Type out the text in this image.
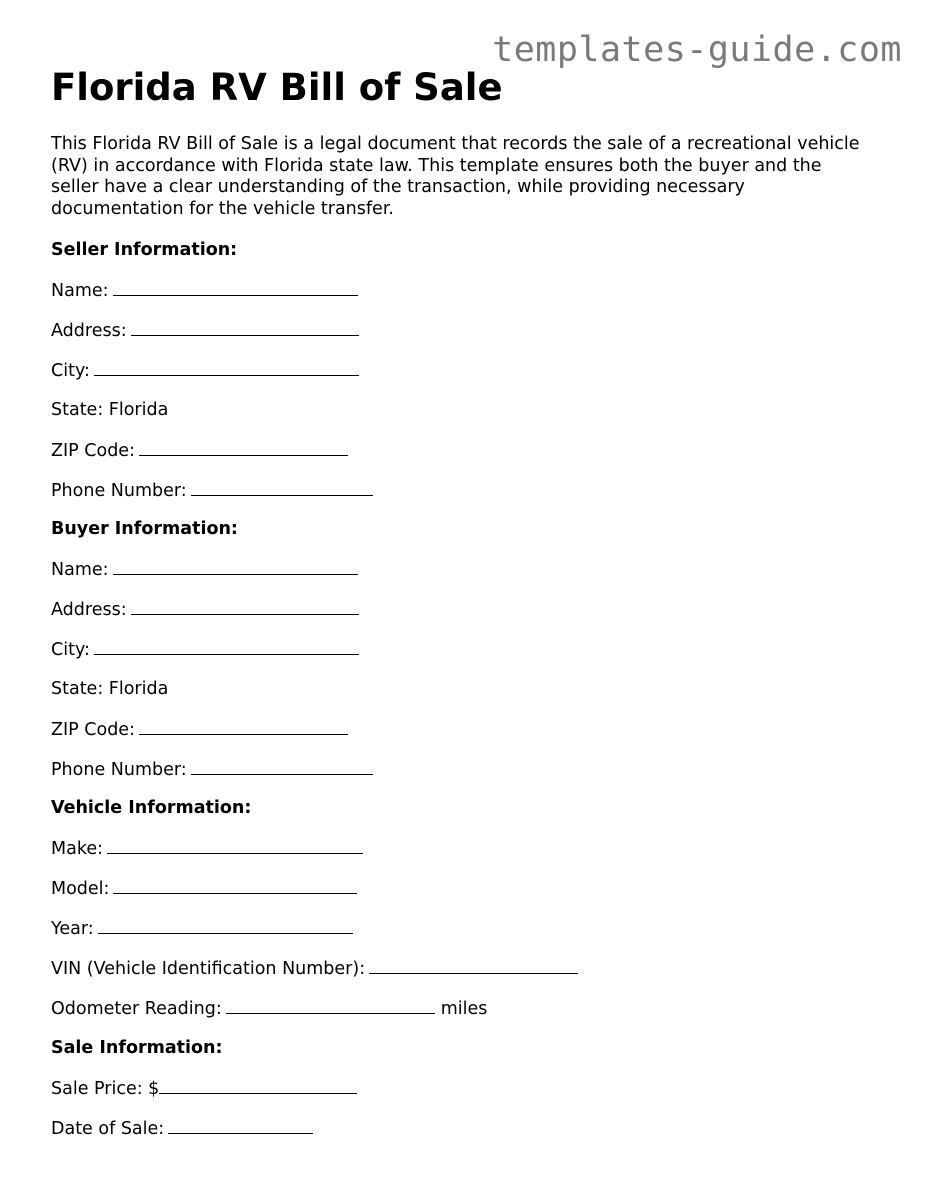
templates-guide.com
Florida RV Bill of Sale

This Florida RV Bill of Sale is a legal document that records the sale of a recreational vehicle (RV) in accordance with Florida state law. This template ensures both the buyer and the seller have a clear understanding of the transaction, while providing necessary documentation for the vehicle transfer.

Seller Information:
Name:
Address:
City:
State: Florida
ZIP Code:
Phone Number:
Buyer Information:
Name:
Address:
City:
State: Florida
ZIP Code:
Phone Number:
Vehicle Information:
Make:
Model:
Year:
VIN (Vehicle Identification Number):
Odometer Reading:	miles
Sale Information:
Sale Price: $
Date of Sale:
